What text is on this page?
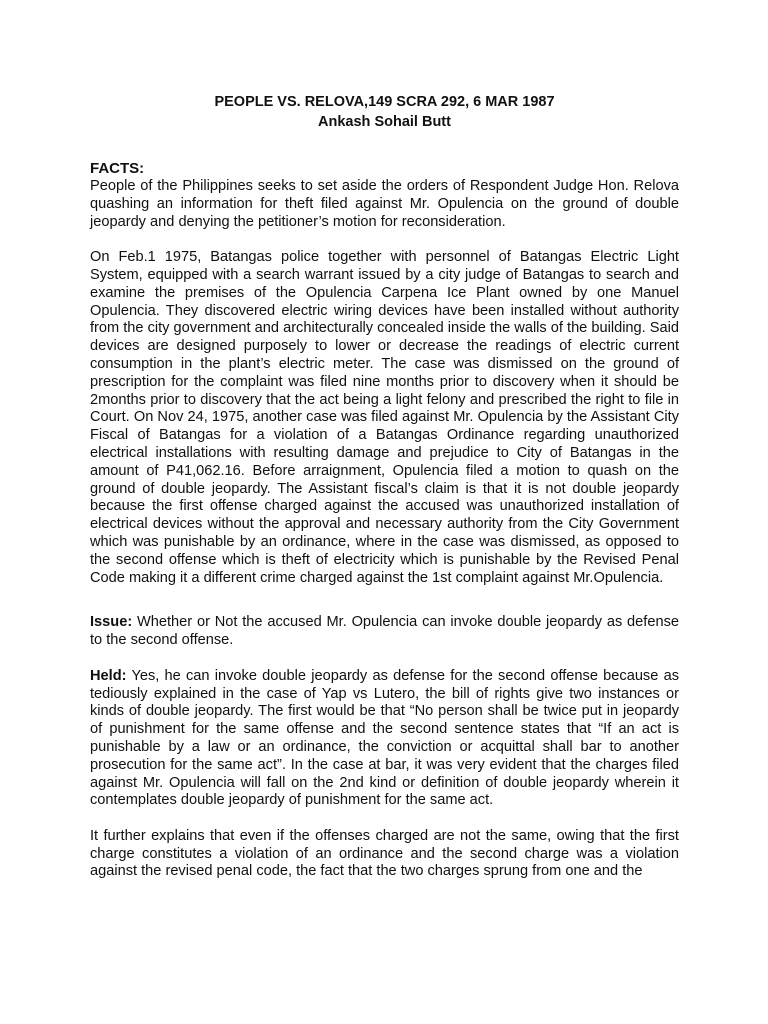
PEOPLE VS. RELOVA,149 SCRA 292, 6 MAR 1987
Ankash Sohail Butt
FACTS:

People of the Philippines seeks to set aside the orders of Respondent Judge Hon. Relova quashing an information for theft filed against Mr. Opulencia on the ground of double jeopardy and denying the petitioner’s motion for reconsideration.

On Feb.1 1975, Batangas police together with personnel of Batangas Electric Light System, equipped with a search warrant issued by a city judge of Batangas to search and examine the premises of the Opulencia Carpena Ice Plant owned by one Manuel Opulencia. They discovered electric wiring devices have been installed without authority from the city government and architecturally concealed inside the walls of the building. Said devices are designed purposely to lower or decrease the readings of electric current consumption in the plant’s electric meter. The case was dismissed on the ground of prescription for the complaint was filed nine months prior to discovery when it should be 2months prior to discovery that the act being a light felony and prescribed the right to file in Court. On Nov 24, 1975, another case was filed against Mr. Opulencia by the Assistant City Fiscal of Batangas for a violation of a Batangas Ordinance regarding unauthorized electrical installations with resulting damage and prejudice to City of Batangas in the amount of P41,062.16. Before arraignment, Opulencia filed a motion to quash on the ground of double jeopardy. The Assistant fiscal’s claim is that it is not double jeopardy because the first offense charged against the accused was unauthorized installation of electrical devices without the approval and necessary authority from the City Government which was punishable by an ordinance, where in the case was dismissed, as opposed to the second offense which is theft of electricity which is punishable by the Revised Penal Code making it a different crime charged against the 1st complaint against Mr.Opulencia.

Issue: Whether or Not the accused Mr. Opulencia can invoke double jeopardy as defense to the second offense.

Held: Yes, he can invoke double jeopardy as defense for the second offense because as tediously explained in the case of Yap vs Lutero, the bill of rights give two instances or kinds of double jeopardy. The first would be that “No person shall be twice put in jeopardy of punishment for the same offense and the second sentence states that “If an act is punishable by a law or an ordinance, the conviction or acquittal shall bar to another prosecution for the same act”. In the case at bar, it was very evident that the charges filed against Mr. Opulencia will fall on the 2nd kind or definition of double jeopardy wherein it contemplates double jeopardy of punishment for the same act.

It further explains that even if the offenses charged are not the same, owing that the first charge constitutes a violation of an ordinance and the second charge was a violation against the revised penal code, the fact that the two charges sprung from one and the
